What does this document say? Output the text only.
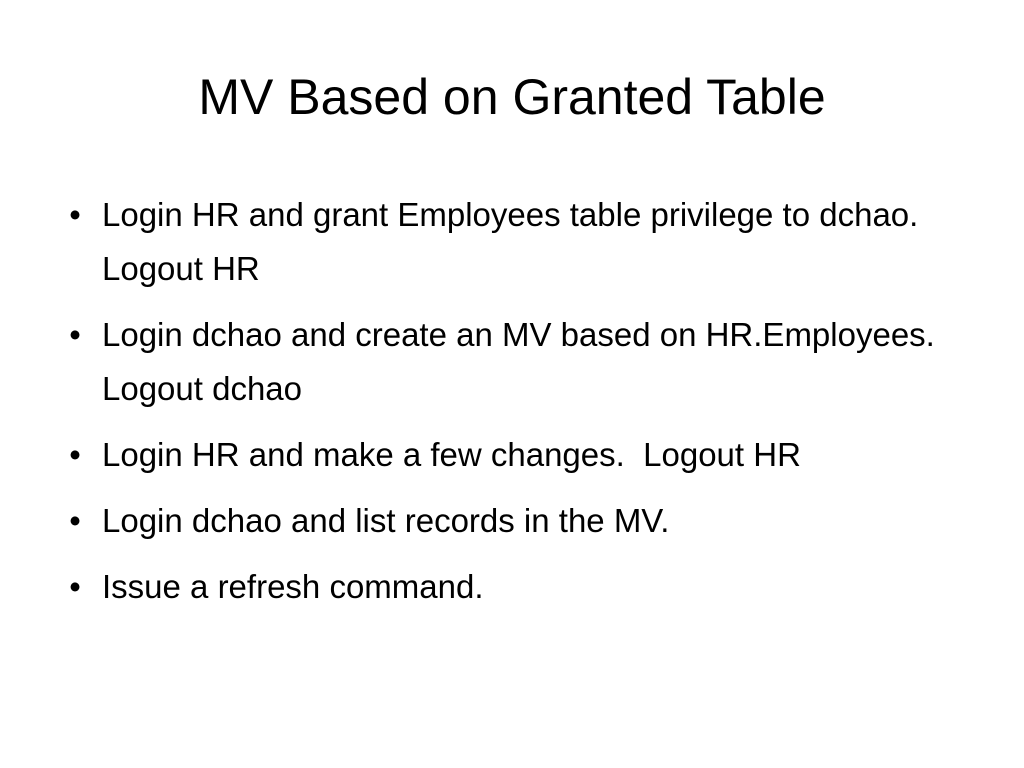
MV Based on Granted Table
• Login HR and grant Employees table privilege to dchao.  Logout HR
• Login dchao and create an MV based on HR.Employees.   Logout dchao
• Login HR and make a few changes.  Logout HR
• Login dchao and list records in the MV.
• Issue a refresh command.
